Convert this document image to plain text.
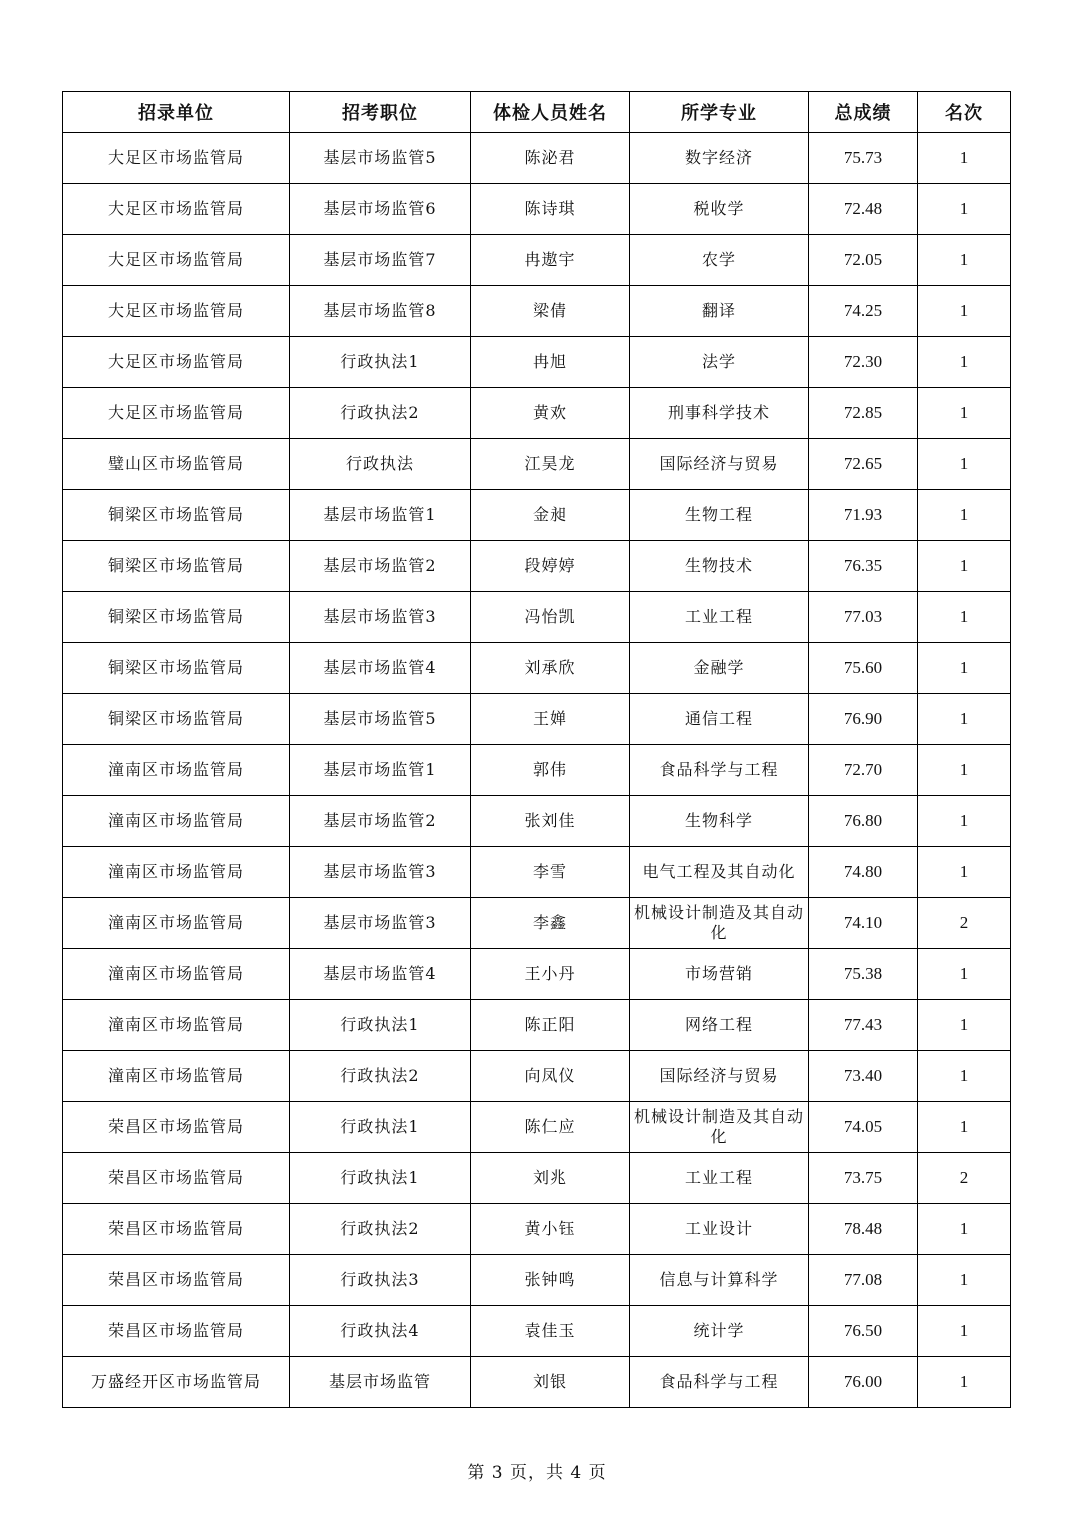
招录单位	招考职位	体检人员姓名	所学专业	总成绩	名次
大足区市场监管局	基层市场监管5	陈泌君	数字经济	75.73	1
大足区市场监管局	基层市场监管6	陈诗琪	税收学	72.48	1
大足区市场监管局	基层市场监管7	冉遨宇	农学	72.05	1
大足区市场监管局	基层市场监管8	梁倩	翻译	74.25	1
大足区市场监管局	行政执法1	冉旭	法学	72.30	1
大足区市场监管局	行政执法2	黄欢	刑事科学技术	72.85	1
璧山区市场监管局	行政执法	江昊龙	国际经济与贸易	72.65	1
铜梁区市场监管局	基层市场监管1	金昶	生物工程	71.93	1
铜梁区市场监管局	基层市场监管2	段婷婷	生物技术	76.35	1
铜梁区市场监管局	基层市场监管3	冯怡凯	工业工程	77.03	1
铜梁区市场监管局	基层市场监管4	刘承欣	金融学	75.60	1
铜梁区市场监管局	基层市场监管5	王婵	通信工程	76.90	1
潼南区市场监管局	基层市场监管1	郭伟	食品科学与工程	72.70	1
潼南区市场监管局	基层市场监管2	张刘佳	生物科学	76.80	1
潼南区市场监管局	基层市场监管3	李雪	电气工程及其自动化	74.80	1
潼南区市场监管局	基层市场监管3	李鑫	机械设计制造及其自动化	74.10	2
潼南区市场监管局	基层市场监管4	王小丹	市场营销	75.38	1
潼南区市场监管局	行政执法1	陈正阳	网络工程	77.43	1
潼南区市场监管局	行政执法2	向凤仪	国际经济与贸易	73.40	1
荣昌区市场监管局	行政执法1	陈仁应	机械设计制造及其自动化	74.05	1
荣昌区市场监管局	行政执法1	刘兆	工业工程	73.75	2
荣昌区市场监管局	行政执法2	黄小钰	工业设计	78.48	1
荣昌区市场监管局	行政执法3	张钟鸣	信息与计算科学	77.08	1
荣昌区市场监管局	行政执法4	袁佳玉	统计学	76.50	1
万盛经开区市场监管局	基层市场监管	刘银	食品科学与工程	76.00	1
第 3 页，共 4 页
